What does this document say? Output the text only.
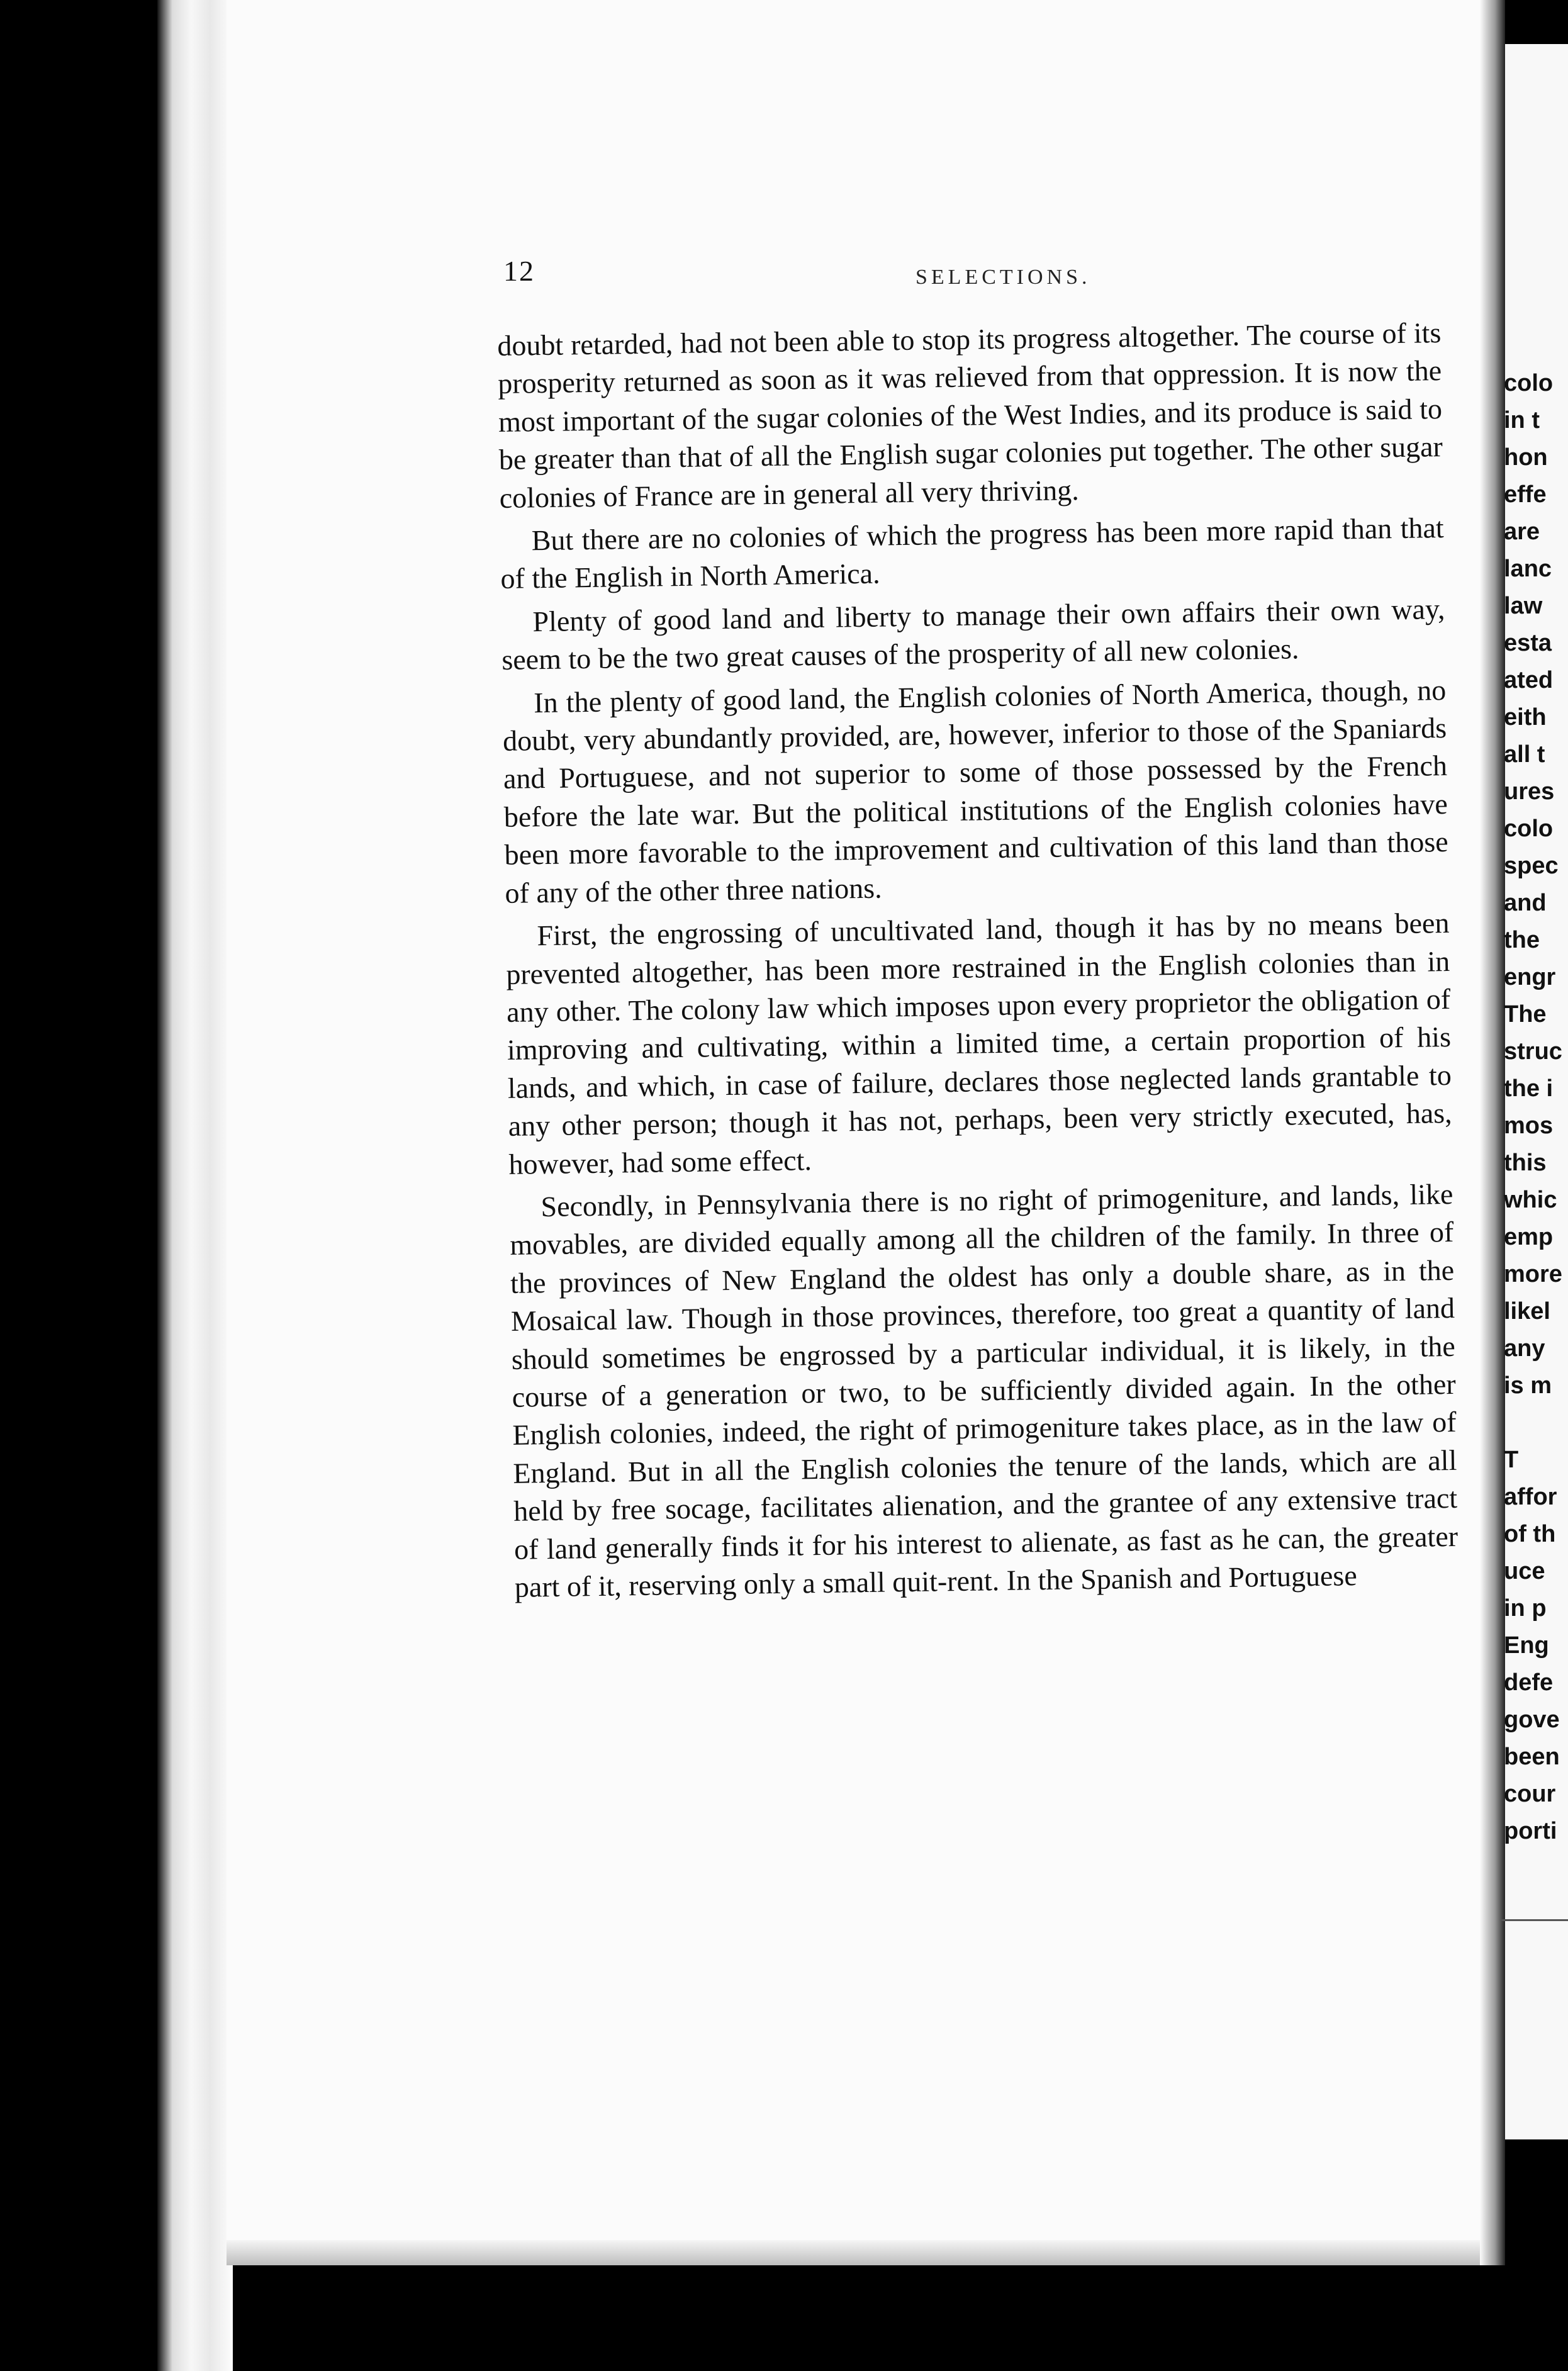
12	SELECTIONS.

doubt retarded, had not been able to stop its progress altogether. The course of its prosperity returned as soon as it was relieved from that oppression. It is now the most important of the sugar colonies of the West Indies, and its produce is said to be greater than that of all the English sugar colonies put together. The other sugar colonies of France are in general all very thriving.

But there are no colonies of which the progress has been more rapid than that of the English in North America.

Plenty of good land and liberty to manage their own affairs their own way, seem to be the two great causes of the prosperity of all new colonies.

In the plenty of good land, the English colonies of North America, though, no doubt, very abundantly provided, are, however, inferior to those of the Spaniards and Portuguese, and not superior to some of those possessed by the French before the late war. But the political institutions of the English colonies have been more favorable to the improvement and cultivation of this land than those of any of the other three nations.

First, the engrossing of uncultivated land, though it has by no means been prevented altogether, has been more restrained in the English colonies than in any other. The colony law which imposes upon every proprietor the obligation of improving and cultivating, within a limited time, a certain proportion of his lands, and which, in case of failure, declares those neglected lands grantable to any other person; though it has not, perhaps, been very strictly executed, has, however, had some effect.

Secondly, in Pennsylvania there is no right of primogeniture, and lands, like movables, are divided equally among all the children of the family. In three of the provinces of New England the oldest has only a double share, as in the Mosaical law. Though in those provinces, therefore, too great a quantity of land should sometimes be engrossed by a particular individual, it is likely, in the course of a generation or two, to be sufficiently divided again. In the other English colonies, indeed, the right of primogeniture takes place, as in the law of England. But in all the English colonies the tenure of the lands, which are all held by free socage, facilitates alienation, and the grantee of any extensive tract of land generally finds it for his interest to alienate, as fast as he can, the greater part of it, reserving only a small quit-rent. In the Spanish and Portuguese

colo
in t
hon
effe
are
lanc
law
esta
ated
eith
all t
ures
colo
spec
and
the
engr
The
struc
the i
mos
this
whic
emp
more
likel
any
is m

T
affor
of th
uce
in p
Eng
defe
gove
been
cour
porti
